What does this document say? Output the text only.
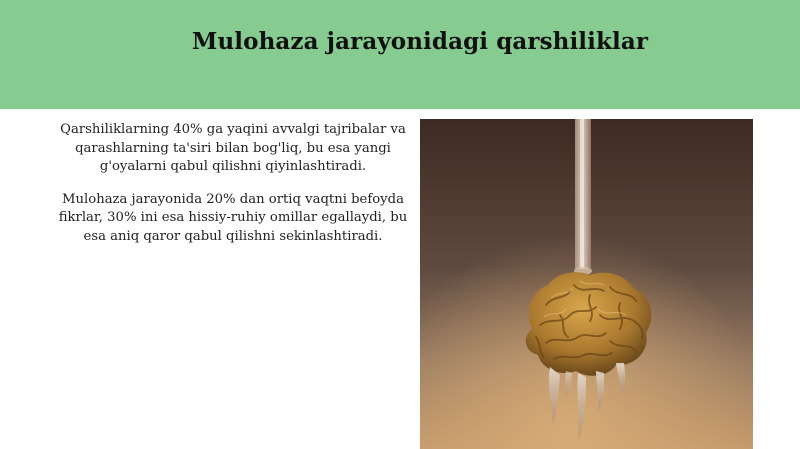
Mulohaza jarayonidagi qarshiliklar

Qarshiliklarning 40% ga yaqini avvalgi tajribalar va qarashlarning ta'siri bilan bog'liq, bu esa yangi g'oyalarni qabul qilishni qiyinlashtiradi.

Mulohaza jarayonida 20% dan ortiq vaqtni befoyda fikrlar, 30% ini esa hissiy-ruhiy omillar egallaydi, bu esa aniq qaror qabul qilishni sekinlashtiradi.
